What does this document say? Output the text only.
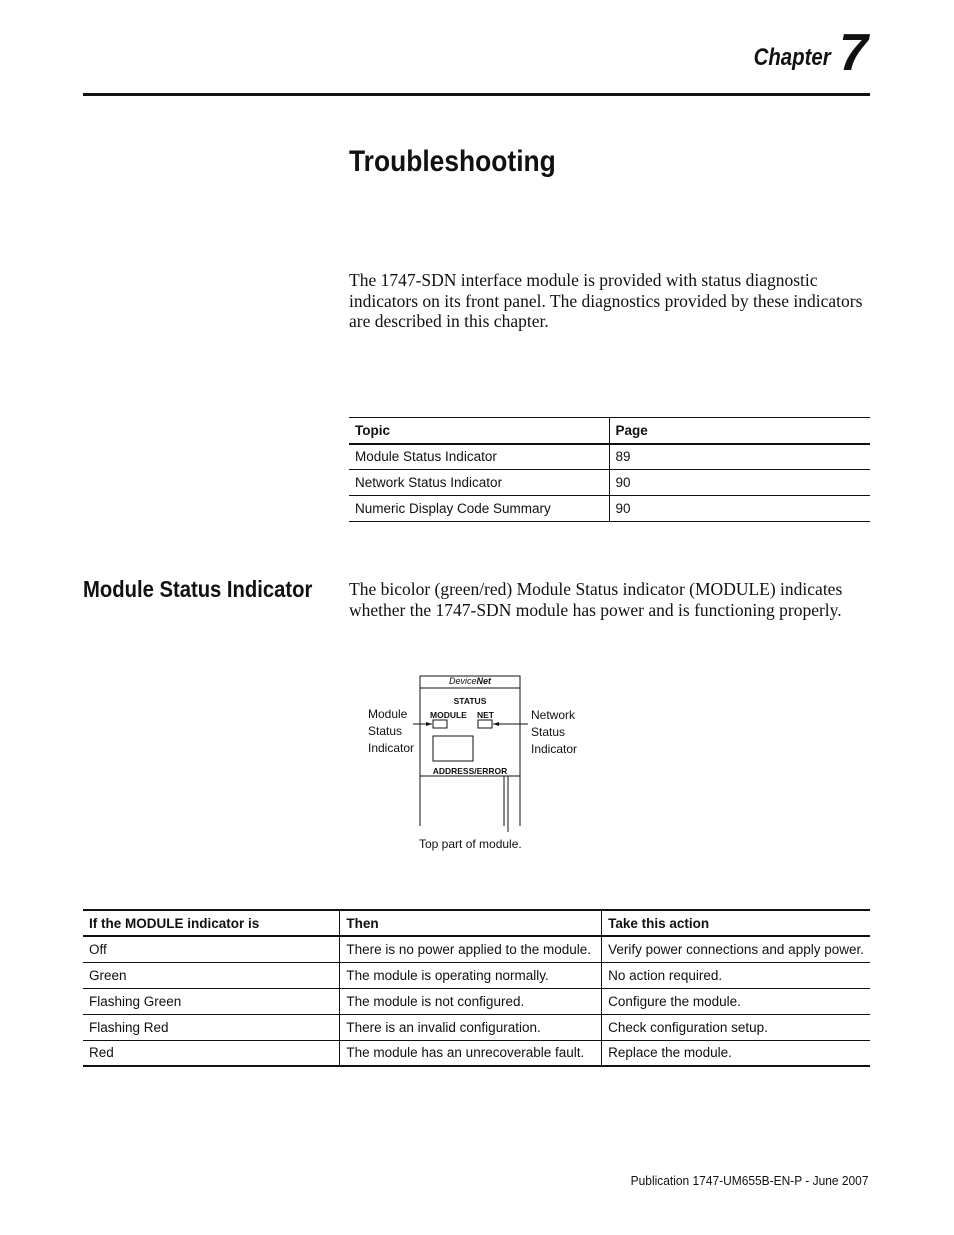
Chapter 7
Troubleshooting

The 1747-SDN interface module is provided with status diagnostic indicators on its front panel. The diagnostics provided by these indicators are described in this chapter.

Topic	Page
Module Status Indicator	89
Network Status Indicator	90
Numeric Display Code Summary	90
Module Status Indicator The bicolor (green/red) Module Status indicator (MODULE) indicates whether the 1747-SDN module has power and is functioning properly.

DeviceNet
STATUS
MODULE NET
ADDRESS/ERROR
Module Status Indicator
Network Status Indicator
Top part of module.
If the MODULE indicator is	Then	Take this action
Off	There is no power applied to the module.	Verify power connections and apply power.
Green	The module is operating normally.	No action required.
Flashing Green	The module is not configured.	Configure the module.
Flashing Red	There is an invalid configuration.	Check configuration setup.
Red	The module has an unrecoverable fault.	Replace the module.
Publication 1747-UM655B-EN-P - June 2007
